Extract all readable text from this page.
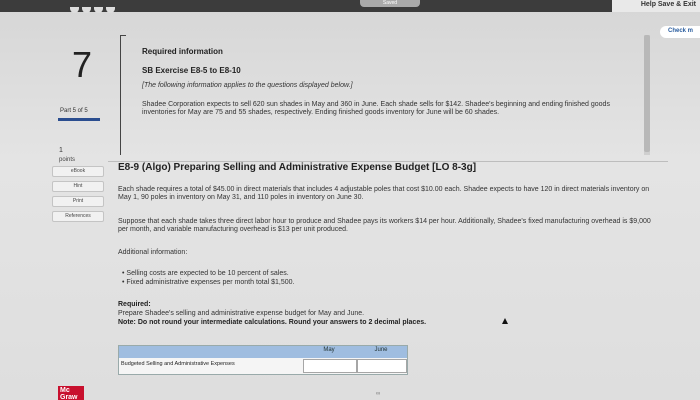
Saved	Help Save & Exit
Check m
7
Part 5 of 5
1
points
eBook
Hint
Print
References
Mc Graw
Required information
SB Exercise E8-5 to E8-10
[The following information applies to the questions displayed below.]
Shadee Corporation expects to sell 620 sun shades in May and 360 in June. Each shade sells for $142. Shadee's beginning and ending finished goods inventories for May are 75 and 55 shades, respectively. Ending finished goods inventory for June will be 60 shades.
E8-9 (Algo) Preparing Selling and Administrative Expense Budget [LO 8-3g]
Each shade requires a total of $45.00 in direct materials that includes 4 adjustable poles that cost $10.00 each. Shadee expects to have 120 in direct materials inventory on May 1, 90 poles in inventory on May 31, and 110 poles in inventory on June 30.
Suppose that each shade takes three direct labor hour to produce and Shadee pays its workers $14 per hour. Additionally, Shadee's fixed manufacturing overhead is $9,000 per month, and variable manufacturing overhead is $13 per unit produced.
Additional information:
• Selling costs are expected to be 10 percent of sales.
• Fixed administrative expenses per month total $1,500.
Required:
Prepare Shadee's selling and administrative expense budget for May and June.
Note: Do not round your intermediate calculations. Round your answers to 2 decimal places.
May	June
Budgeted Selling and Administrative Expenses
∞
